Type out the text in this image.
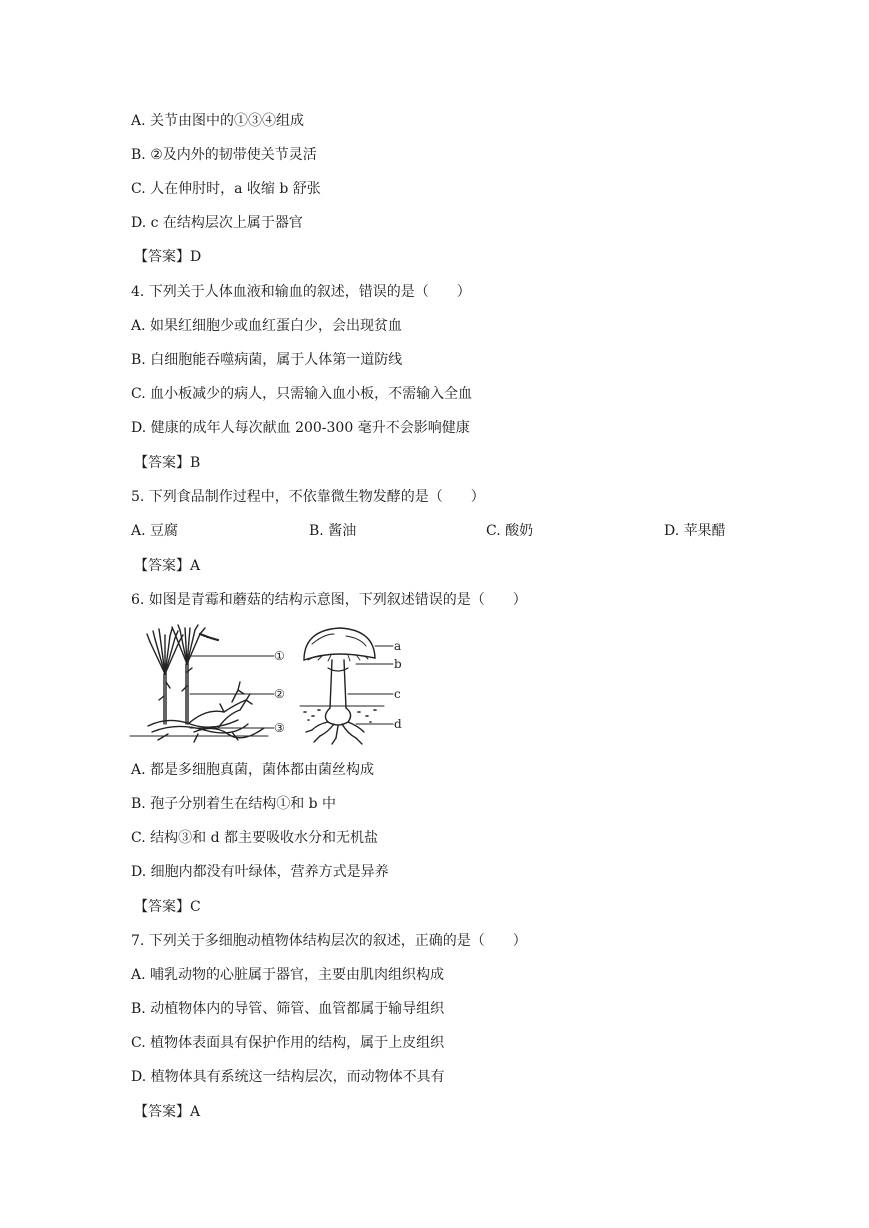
A. 关节由图中的①③④组成
B. ②及内外的韧带使关节灵活
C. 人在伸肘时，a 收缩 b 舒张
D. c 在结构层次上属于器官
【答案】D
4. 下列关于人体血液和输血的叙述，错误的是（　　）
A. 如果红细胞少或血红蛋白少，会出现贫血
B. 白细胞能吞噬病菌，属于人体第一道防线
C. 血小板减少的病人，只需输入血小板，不需输入全血
D. 健康的成年人每次献血 200-300 毫升不会影响健康
【答案】B
5. 下列食品制作过程中，不依靠微生物发酵的是（　　）
A. 豆腐	B. 酱油	C. 酸奶	D. 苹果醋
【答案】A
6. 如图是青霉和蘑菇的结构示意图，下列叙述错误的是（　　）
①
②
③
a
b
c
d
A. 都是多细胞真菌，菌体都由菌丝构成
B. 孢子分别着生在结构①和 b 中
C. 结构③和 d 都主要吸收水分和无机盐
D. 细胞内都没有叶绿体，营养方式是异养
【答案】C
7. 下列关于多细胞动植物体结构层次的叙述，正确的是（　　）
A. 哺乳动物的心脏属于器官，主要由肌肉组织构成
B. 动植物体内的导管、筛管、血管都属于输导组织
C. 植物体表面具有保护作用的结构，属于上皮组织
D. 植物体具有系统这一结构层次，而动物体不具有
【答案】A
